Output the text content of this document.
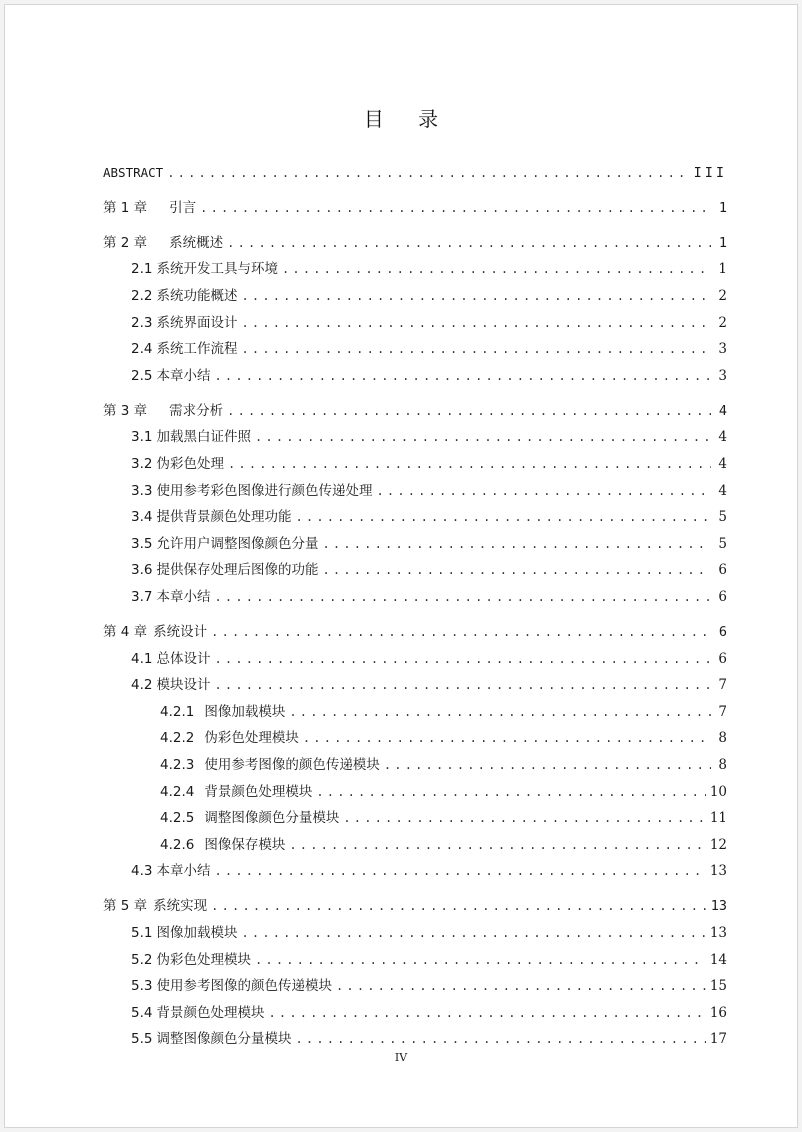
目 录
ABSTRACT .....	III
第 1 章 引言 .....	1
第 2 章 系统概述 .....	1
2.1 系统开发工具与环境 .....	1
2.2 系统功能概述 .....	2
2.3 系统界面设计 .....	2
2.4 系统工作流程 .....	3
2.5 本章小结 .....	3
第 3 章 需求分析 .....	4
3.1 加载黑白证件照 .....	4
3.2 伪彩色处理 .....	4
3.3 使用参考彩色图像进行颜色传递处理 .....	4
3.4 提供背景颜色处理功能 .....	5
3.5 允许用户调整图像颜色分量 .....	5
3.6 提供保存处理后图像的功能 .....	6
3.7 本章小结 .....	6
第 4 章 系统设计 .....	6
4.1 总体设计 .....	6
4.2 模块设计 .....	7
4.2.1 图像加载模块 .....	7
4.2.2 伪彩色处理模块 .....	8
4.2.3 使用参考图像的颜色传递模块 .....	8
4.2.4 背景颜色处理模块 .....	10
4.2.5 调整图像颜色分量模块 .....	11
4.2.6 图像保存模块 .....	12
4.3 本章小结 .....	13
第 5 章 系统实现 .....	13
5.1 图像加载模块 .....	13
5.2 伪彩色处理模块 .....	14
5.3 使用参考图像的颜色传递模块 .....	15
5.4 背景颜色处理模块 .....	16
5.5 调整图像颜色分量模块 .....	17
IV
